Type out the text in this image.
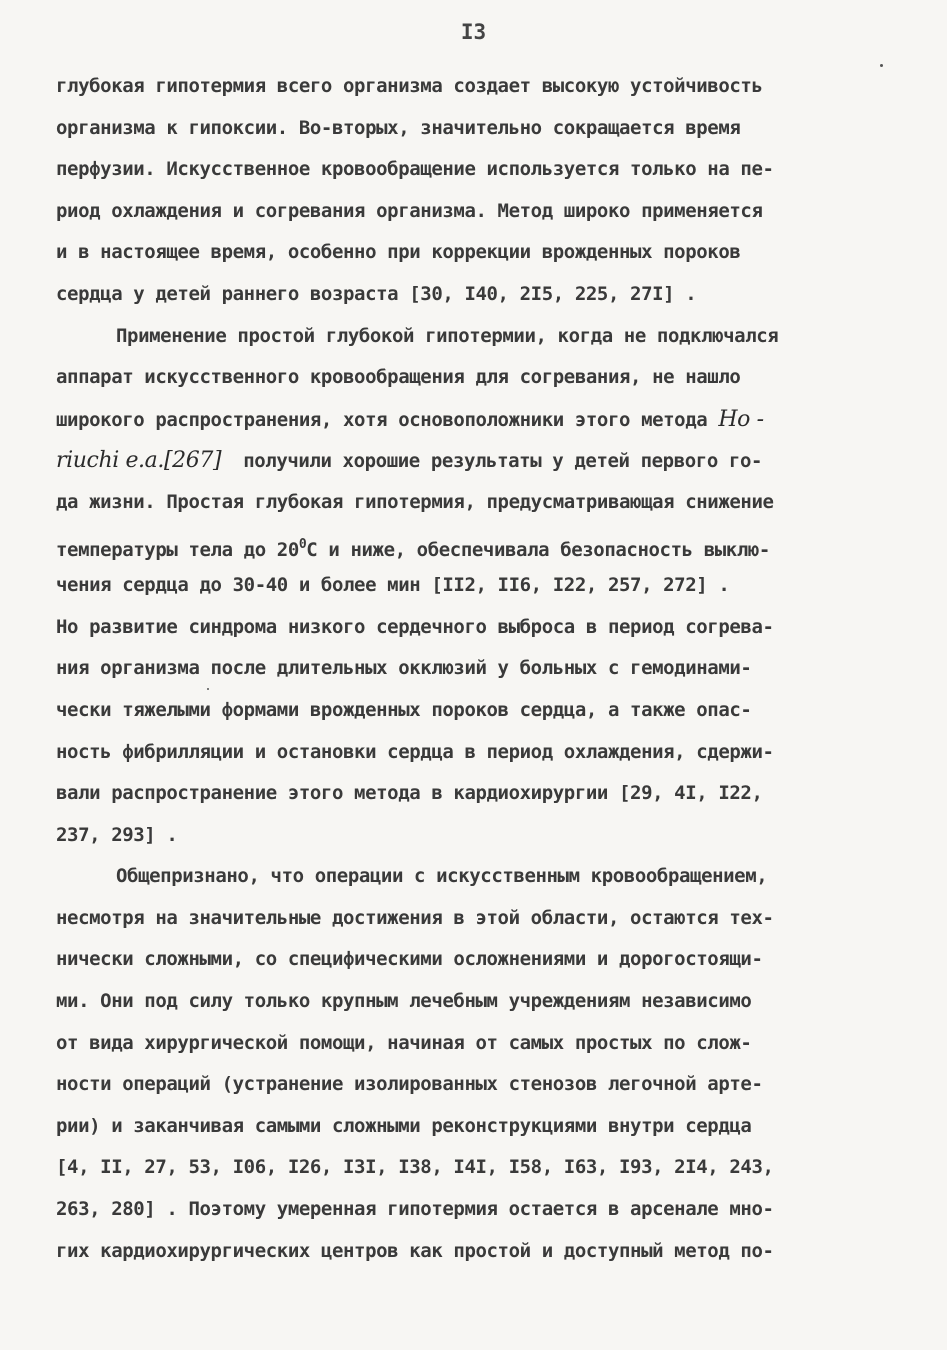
I3
глубокая гипотермия всего организма создает высокую устойчивость
организма к гипоксии. Во-вторых, значительно сокращается время
перфузии. Искусственное кровообращение используется только на пе-
риод охлаждения и согревания организма. Метод широко применяется
и в настоящее время, особенно при коррекции врожденных пороков
сердца у детей раннего возраста [30, I40, 2I5, 225, 27I] .
Применение простой глубокой гипотермии, когда не подключался
аппарат искусственного кровообращения для согревания, не нашло
широкого распространения, хотя основоположники этого метода Ho -
riuchi e.a.[267]  получили хорошие результаты у детей первого го-
да жизни. Простая глубокая гипотермия, предусматривающая снижение
температуры тела до $20^0С$ и ниже, обеспечивала безопасность выклю-
чения сердца до 30-40 и более мин [II2, II6, I22, 257, 272] .
Но развитие синдрома низкого сердечного выброса в период согрева-
ния организма после длительных окклюзий у больных с гемодинами-
чески тяжелыми формами врожденных пороков сердца, а также опас-
ность фибрилляции и остановки сердца в период охлаждения, сдержи-
вали распространение этого метода в кардиохирургии [29, 4I, I22,
237, 293] .
Общепризнано, что операции с искусственным кровообращением,
несмотря на значительные достижения в этой области, остаются тех-
нически сложными, со специфическими осложнениями и дорогостоящи-
ми. Они под силу только крупным лечебным учреждениям независимо
от вида хирургической помощи, начиная от самых простых по слож-
ности операций (устранение изолированных стенозов легочной арте-
рии) и заканчивая самыми сложными реконструкциями внутри сердца
[4, II, 27, 53, I06, I26, I3I, I38, I4I, I58, I63, I93, 2I4, 243,
263, 280] . Поэтому умеренная гипотермия остается в арсенале мно-
гих кардиохирургических центров как простой и доступный метод по-
